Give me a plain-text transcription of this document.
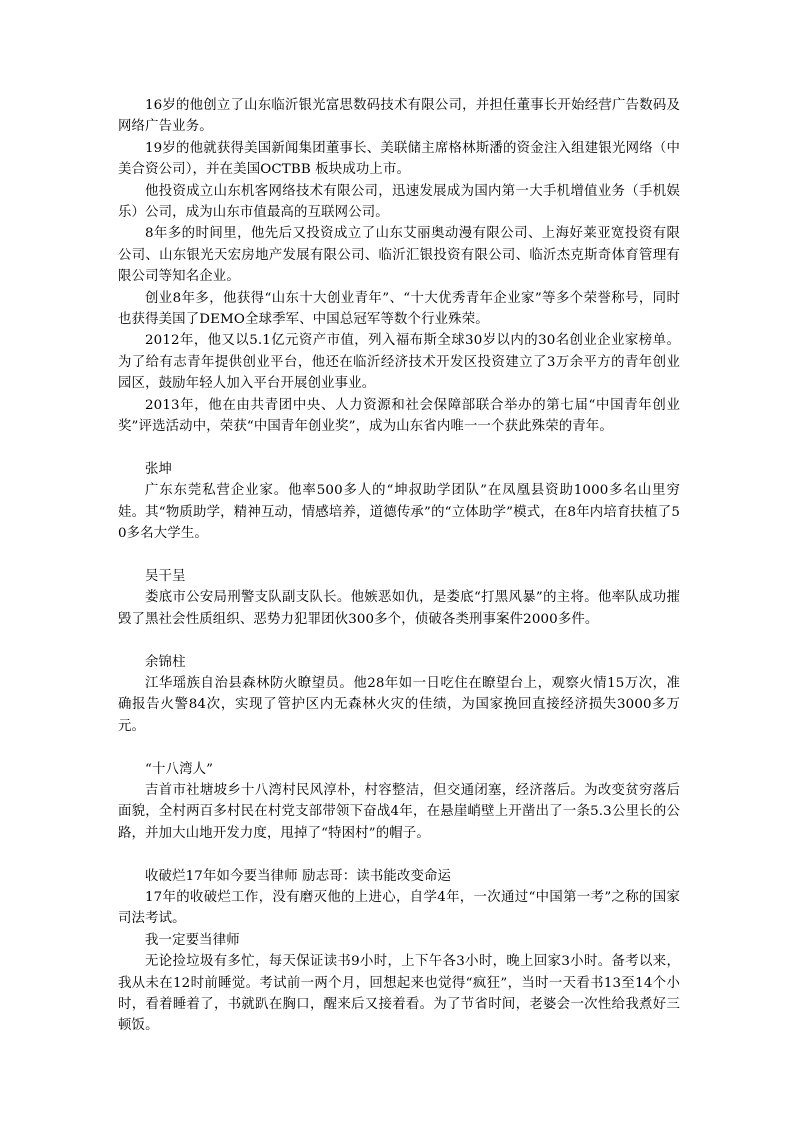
16岁的他创立了山东临沂银光富思数码技术有限公司，并担任董事长开始经营广告数码及网络广告业务。

19岁的他就获得美国新闻集团董事长、美联储主席格林斯潘的资金注入组建银光网络（中美合资公司），并在美国OCTBB 板块成功上市。

他投资成立山东机客网络技术有限公司，迅速发展成为国内第一大手机增值业务（手机娱乐）公司，成为山东市值最高的互联网公司。

8年多的时间里，他先后又投资成立了山东艾丽奥动漫有限公司、上海好莱亚宽投资有限公司、山东银光天宏房地产发展有限公司、临沂汇银投资有限公司、临沂杰克斯奇体育管理有限公司等知名企业。

创业8年多，他获得“山东十大创业青年”、“十大优秀青年企业家”等多个荣誉称号，同时也获得美国了DEMO全球季军、中国总冠军等数个行业殊荣。

2012年，他又以5.1亿元资产市值，列入福布斯全球30岁以内的30名创业企业家榜单。为了给有志青年提供创业平台，他还在临沂经济技术开发区投资建立了3万余平方的青年创业园区，鼓励年轻人加入平台开展创业事业。

2013年，他在由共青团中央、人力资源和社会保障部联合举办的第七届“中国青年创业奖”评选活动中，荣获“中国青年创业奖”，成为山东省内唯一一个获此殊荣的青年。

张坤

广东东莞私营企业家。他率500多人的“坤叔助学团队”在凤凰县资助1000多名山里穷娃。其“物质助学，精神互动，情感培养，道德传承”的“立体助学”模式，在8年内培育扶植了50多名大学生。

吴干呈

娄底市公安局刑警支队副支队长。他嫉恶如仇，是娄底“打黑风暴”的主将。他率队成功摧毁了黑社会性质组织、恶势力犯罪团伙300多个，侦破各类刑事案件2000多件。

余锦柱

江华瑶族自治县森林防火瞭望员。他28年如一日吃住在瞭望台上，观察火情15万次，准确报告火警84次，实现了管护区内无森林火灾的佳绩，为国家挽回直接经济损失3000多万元。

“十八湾人”

吉首市社塘坡乡十八湾村民风淳朴，村容整洁，但交通闭塞，经济落后。为改变贫穷落后面貌，全村两百多村民在村党支部带领下奋战4年，在悬崖峭壁上开凿出了一条5.3公里长的公路，并加大山地开发力度，甩掉了“特困村”的帽子。

收破烂17年如今要当律师 励志哥：读书能改变命运

17年的收破烂工作，没有磨灭他的上进心，自学4年，一次通过“中国第一考”之称的国家司法考试。

我一定要当律师

无论捡垃圾有多忙，每天保证读书9小时，上下午各3小时，晚上回家3小时。备考以来，我从未在12时前睡觉。考试前一两个月，回想起来也觉得“疯狂”，当时一天看书13至14个小时，看着睡着了，书就趴在胸口，醒来后又接着看。为了节省时间，老婆会一次性给我煮好三顿饭。
